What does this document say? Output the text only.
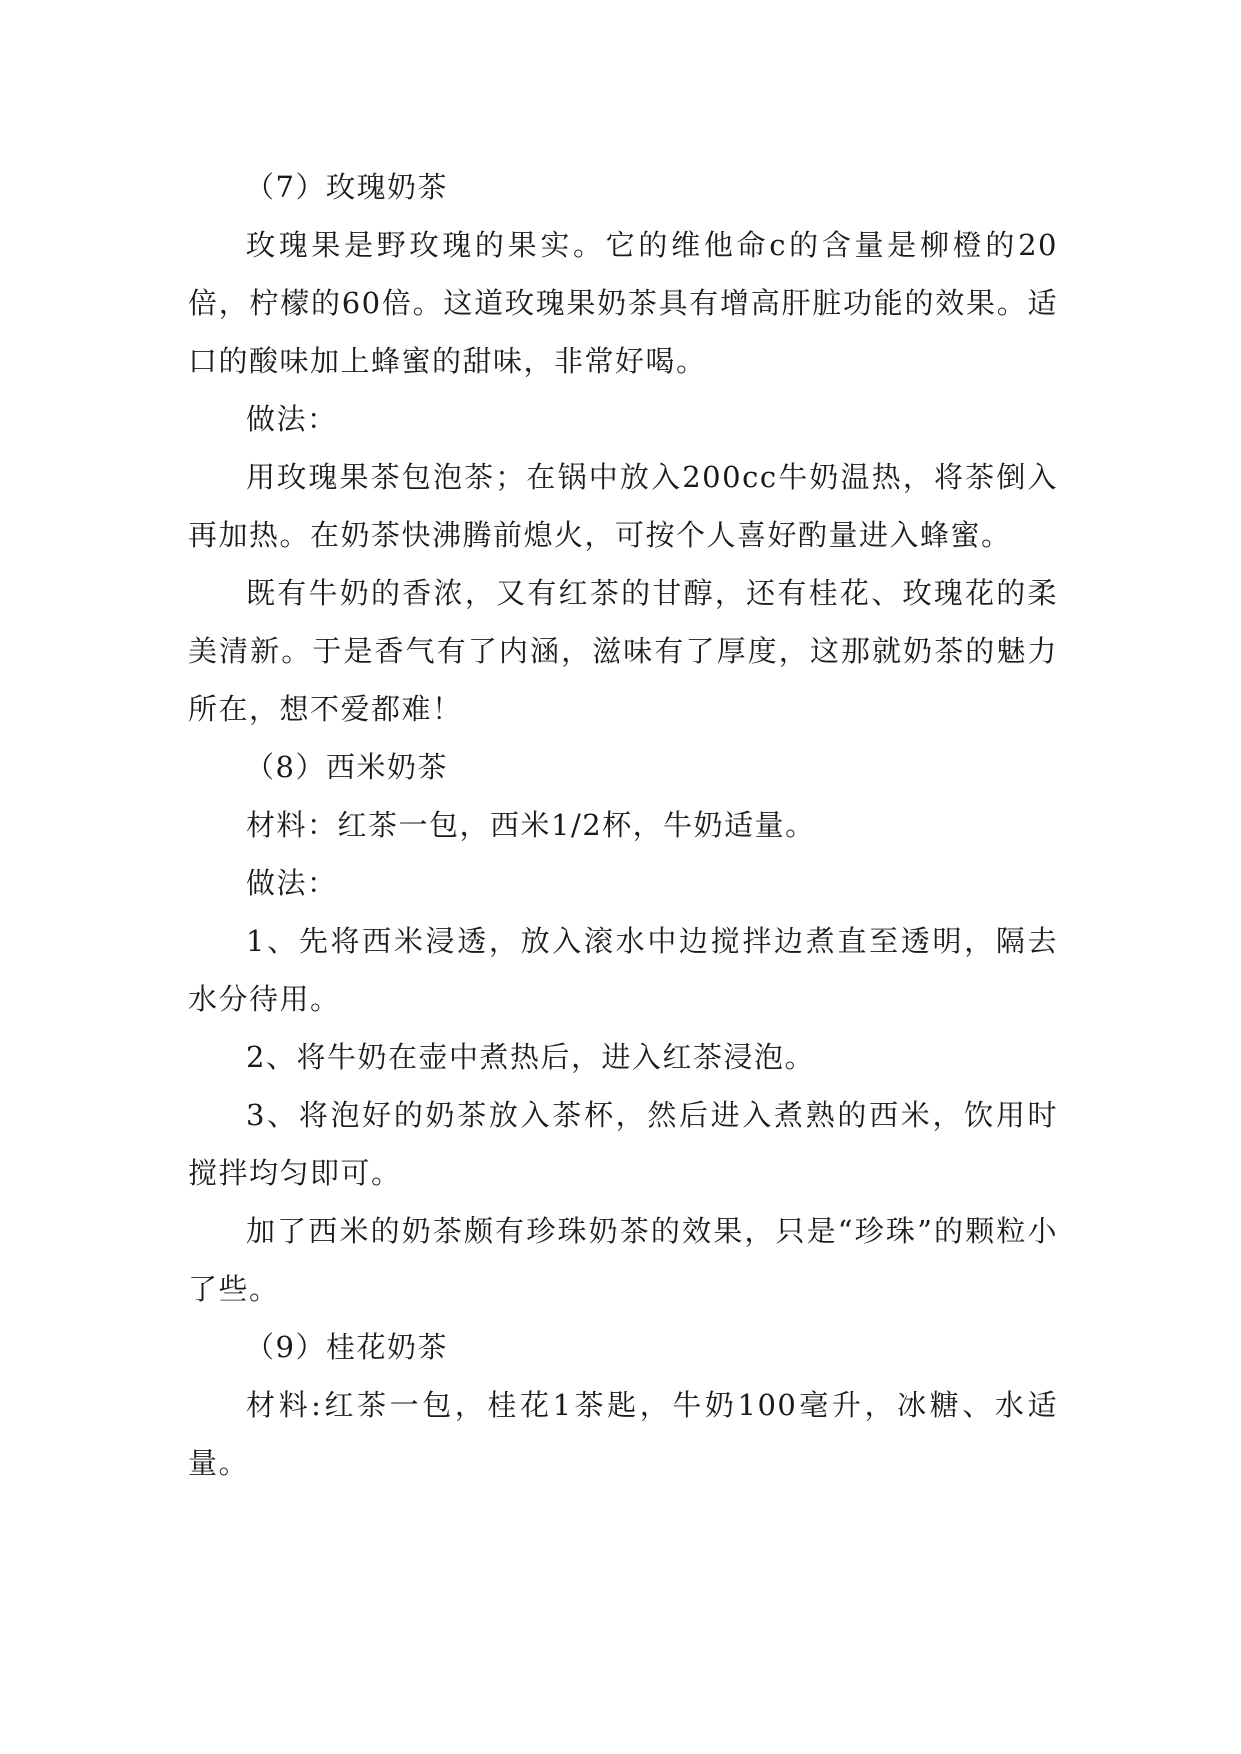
（7）玫瑰奶茶

玫瑰果是野玫瑰的果实。它的维他命c的含量是柳橙的20倍，柠檬的60倍。这道玫瑰果奶茶具有增高肝脏功能的效果。适口的酸味加上蜂蜜的甜味，非常好喝。

做法：

用玫瑰果茶包泡茶；在锅中放入200cc牛奶温热，将茶倒入再加热。在奶茶快沸腾前熄火，可按个人喜好酌量进入蜂蜜。

既有牛奶的香浓，又有红茶的甘醇，还有桂花、玫瑰花的柔美清新。于是香气有了内涵，滋味有了厚度，这那就奶茶的魅力所在，想不爱都难！

（8）西米奶茶

材料：红茶一包，西米1/2杯，牛奶适量。

做法：

1、先将西米浸透，放入滚水中边搅拌边煮直至透明，隔去水分待用。

2、将牛奶在壶中煮热后，进入红茶浸泡。

3、将泡好的奶茶放入茶杯，然后进入煮熟的西米，饮用时搅拌均匀即可。

加了西米的奶茶颇有珍珠奶茶的效果，只是“珍珠”的颗粒小了些。

（9）桂花奶茶

材料:红茶一包，桂花1茶匙，牛奶100毫升，冰糖、水适量。
